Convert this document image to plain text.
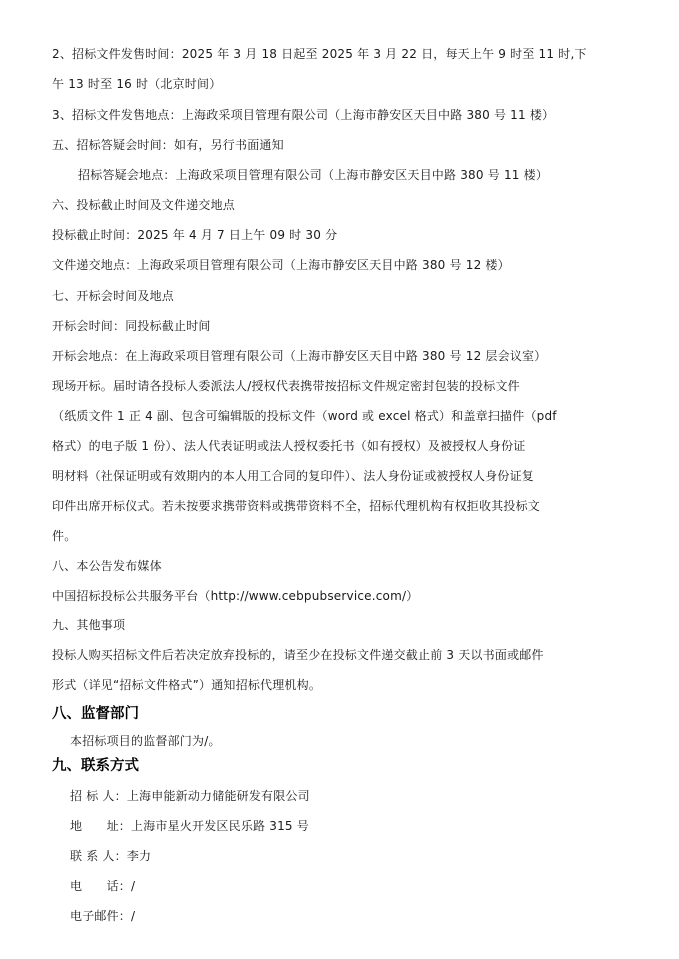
2、招标文件发售时间：2025 年 3 月 18 日起至 2025 年 3 月 22 日，每天上午 9 时至 11 时,下
午 13 时至 16 时（北京时间）
3、招标文件发售地点：上海政采项目管理有限公司（上海市静安区天目中路 380 号 11 楼）
五、招标答疑会时间：如有，另行书面通知
招标答疑会地点：上海政采项目管理有限公司（上海市静安区天目中路 380 号 11 楼）
六、投标截止时间及文件递交地点
投标截止时间：2025 年 4 月 7 日上午 09 时 30 分
文件递交地点：上海政采项目管理有限公司（上海市静安区天目中路 380 号 12 楼）
七、开标会时间及地点
开标会时间：同投标截止时间
开标会地点：在上海政采项目管理有限公司（上海市静安区天目中路 380 号 12 层会议室）
现场开标。届时请各投标人委派法人/授权代表携带按招标文件规定密封包装的投标文件
（纸质文件 1 正 4 副、包含可编辑版的投标文件（word 或 excel 格式）和盖章扫描件（pdf
格式）的电子版 1 份）、法人代表证明或法人授权委托书（如有授权）及被授权人身份证
明材料（社保证明或有效期内的本人用工合同的复印件）、法人身份证或被授权人身份证复
印件出席开标仪式。若未按要求携带资料或携带资料不全，招标代理机构有权拒收其投标文
件。
八、本公告发布媒体
中国招标投标公共服务平台（http://www.cebpubservice.com/）
九、其他事项
投标人购买招标文件后若决定放弃投标的，请至少在投标文件递交截止前 3 天以书面或邮件
形式（详见“招标文件格式”）通知招标代理机构。
八、监督部门
本招标项目的监督部门为/。
九、联系方式
招 标 人：上海申能新动力储能研发有限公司
地　　址：上海市星火开发区民乐路 315 号
联 系 人：李力
电　　话：/
电子邮件：/
